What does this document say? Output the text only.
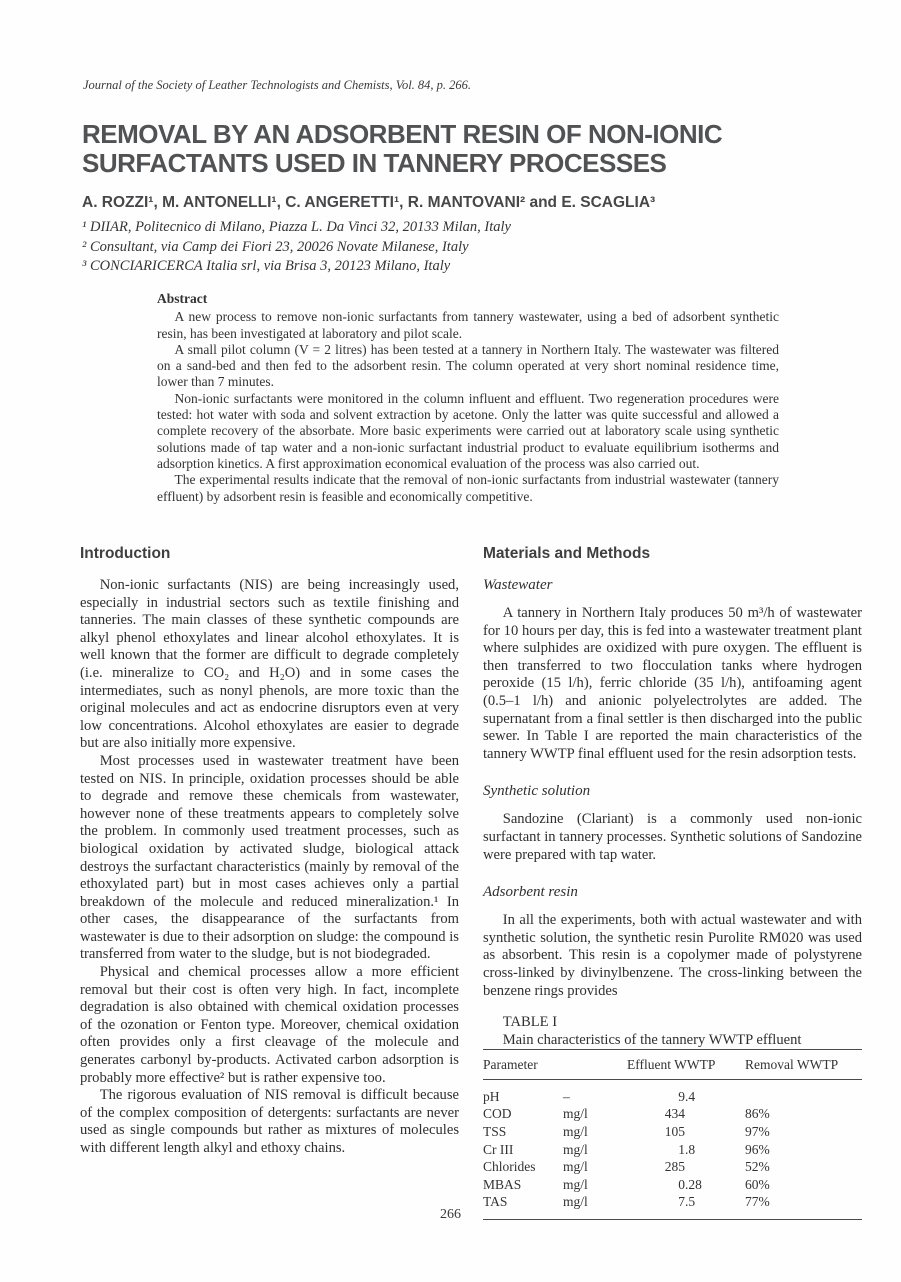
Journal of the Society of Leather Technologists and Chemists, Vol. 84, p. 266.
REMOVAL BY AN ADSORBENT RESIN OF NON-IONIC SURFACTANTS USED IN TANNERY PROCESSES
A. ROZZI¹, M. ANTONELLI¹, C. ANGERETTI¹, R. MANTOVANI² and E. SCAGLIA³
¹ DIIAR, Politecnico di Milano, Piazza L. Da Vinci 32, 20133 Milan, Italy
² Consultant, via Camp dei Fiori 23, 20026 Novate Milanese, Italy
³ CONCIARICERCA Italia srl, via Brisa 3, 20123 Milano, Italy

Abstract

A new process to remove non-ionic surfactants from tannery wastewater, using a bed of adsorbent synthetic resin, has been investigated at laboratory and pilot scale.

A small pilot column (V = 2 litres) has been tested at a tannery in Northern Italy. The wastewater was filtered on a sand-bed and then fed to the adsorbent resin. The column operated at very short nominal residence time, lower than 7 minutes.

Non-ionic surfactants were monitored in the column influent and effluent. Two regeneration procedures were tested: hot water with soda and solvent extraction by acetone. Only the latter was quite successful and allowed a complete recovery of the absorbate. More basic experiments were carried out at laboratory scale using synthetic solutions made of tap water and a non-ionic surfactant industrial product to evaluate equilibrium isotherms and adsorption kinetics. A first approximation economical evaluation of the process was also carried out.

The experimental results indicate that the removal of non-ionic surfactants from industrial wastewater (tannery effluent) by adsorbent resin is feasible and economically competitive.

Introduction

Non-ionic surfactants (NIS) are being increasingly used, especially in industrial sectors such as textile finishing and tanneries. The main classes of these synthetic compounds are alkyl phenol ethoxylates and linear alcohol ethoxylates. It is well known that the former are difficult to degrade completely (i.e. mineralize to CO₂ and H₂O) and in some cases the intermediates, such as nonyl phenols, are more toxic than the original molecules and act as endocrine disruptors even at very low concentrations. Alcohol ethoxylates are easier to degrade but are also initially more expensive.

Most processes used in wastewater treatment have been tested on NIS. In principle, oxidation processes should be able to degrade and remove these chemicals from wastewater, however none of these treatments appears to completely solve the problem. In commonly used treatment processes, such as biological oxidation by activated sludge, biological attack destroys the surfactant characteristics (mainly by removal of the ethoxylated part) but in most cases achieves only a partial breakdown of the molecule and reduced mineralization.¹ In other cases, the disappearance of the surfactants from wastewater is due to their adsorption on sludge: the compound is transferred from water to the sludge, but is not biodegraded.

Physical and chemical processes allow a more efficient removal but their cost is often very high. In fact, incomplete degradation is also obtained with chemical oxidation processes of the ozonation or Fenton type. Moreover, chemical oxidation often provides only a first cleavage of the molecule and generates carbonyl by-products. Activated carbon adsorption is probably more effective² but is rather expensive too.

The rigorous evaluation of NIS removal is difficult because of the complex composition of detergents: surfactants are never used as single compounds but rather as mixtures of molecules with different length alkyl and ethoxy chains.

Materials and Methods
Wastewater

A tannery in Northern Italy produces 50 m³/h of wastewater for 10 hours per day, this is fed into a wastewater treatment plant where sulphides are oxidized with pure oxygen. The effluent is then transferred to two flocculation tanks where hydrogen peroxide (15 l/h), ferric chloride (35 l/h), antifoaming agent (0.5–1 l/h) and anionic polyelectrolytes are added. The supernatant from a final settler is then discharged into the public sewer. In Table I are reported the main characteristics of the tannery WWTP final effluent used for the resin adsorption tests.

Synthetic solution

Sandozine (Clariant) is a commonly used non-ionic surfactant in tannery processes. Synthetic solutions of Sandozine were prepared with tap water.

Adsorbent resin

In all the experiments, both with actual wastewater and with synthetic solution, the synthetic resin Purolite RM020 was used as absorbent. This resin is a copolymer made of polystyrene cross-linked by divinylbenzene. The cross-linking between the benzene rings provides

TABLE I

Main characteristics of the tannery WWTP effluent

Parameter		Effluent WWTP	Removal WWTP
pH	–	9.4	
COD	mg/l	434	86%
TSS	mg/l	105	97%
Cr III	mg/l	1.8	96%
Chlorides	mg/l	285	52%
MBAS	mg/l	0.28	60%
TAS	mg/l	7.5	77%
266
